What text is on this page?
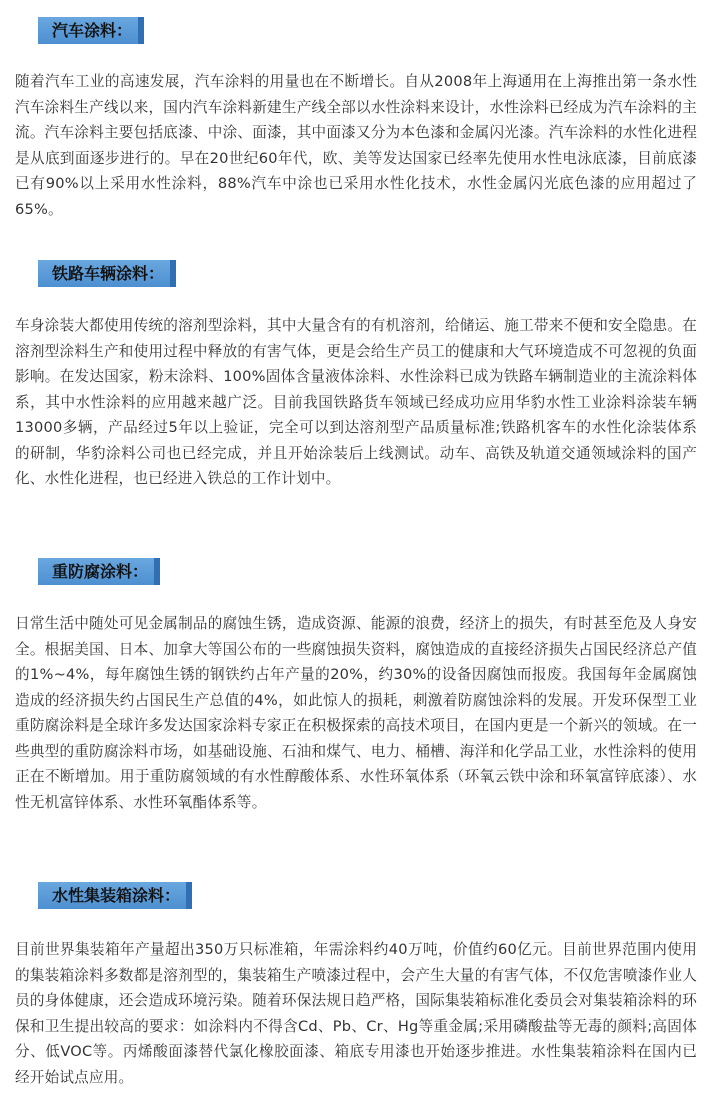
汽车涂料：

随着汽车工业的高速发展，汽车涂料的用量也在不断增长。自从2008年上海通用在上海推出第一条水性汽车涂料生产线以来，国内汽车涂料新建生产线全部以水性涂料来设计，水性涂料已经成为汽车涂料的主流。汽车涂料主要包括底漆、中涂、面漆，其中面漆又分为本色漆和金属闪光漆。汽车涂料的水性化进程是从底到面逐步进行的。早在20世纪60年代，欧、美等发达国家已经率先使用水性电泳底漆，目前底漆已有90%以上采用水性涂料，88%汽车中涂也已采用水性化技术，水性金属闪光底色漆的应用超过了65%。

铁路车辆涂料：

车身涂装大都使用传统的溶剂型涂料，其中大量含有的有机溶剂，给储运、施工带来不便和安全隐患。在溶剂型涂料生产和使用过程中释放的有害气体，更是会给生产员工的健康和大气环境造成不可忽视的负面影响。在发达国家，粉末涂料、100%固体含量液体涂料、水性涂料已成为铁路车辆制造业的主流涂料体系，其中水性涂料的应用越来越广泛。目前我国铁路货车领域已经成功应用华豹水性工业涂料涂装车辆13000多辆，产品经过5年以上验证，完全可以到达溶剂型产品质量标准;铁路机客车的水性化涂装体系的研制，华豹涂料公司也已经完成，并且开始涂装后上线测试。动车、高铁及轨道交通领域涂料的国产化、水性化进程，也已经进入铁总的工作计划中。

重防腐涂料：

日常生活中随处可见金属制品的腐蚀生锈，造成资源、能源的浪费，经济上的损失，有时甚至危及人身安全。根据美国、日本、加拿大等国公布的一些腐蚀损失资料，腐蚀造成的直接经济损失占国民经济总产值的1%~4%，每年腐蚀生锈的钢铁约占年产量的20%，约30%的设备因腐蚀而报废。我国每年金属腐蚀造成的经济损失约占国民生产总值的4%，如此惊人的损耗，刺激着防腐蚀涂料的发展。开发环保型工业重防腐涂料是全球许多发达国家涂料专家正在积极探索的高技术项目，在国内更是一个新兴的领域。在一些典型的重防腐涂料市场，如基础设施、石油和煤气、电力、桶槽、海洋和化学品工业，水性涂料的使用正在不断增加。用于重防腐领域的有水性醇酸体系、水性环氧体系（环氧云铁中涂和环氧富锌底漆）、水性无机富锌体系、水性环氧酯体系等。

水性集装箱涂料：

目前世界集装箱年产量超出350万只标准箱，年需涂料约40万吨，价值约60亿元。目前世界范围内使用的集装箱涂料多数都是溶剂型的，集装箱生产喷漆过程中，会产生大量的有害气体，不仅危害喷漆作业人员的身体健康，还会造成环境污染。随着环保法规日趋严格，国际集装箱标准化委员会对集装箱涂料的环保和卫生提出较高的要求：如涂料内不得含Cd、Pb、Cr、Hg等重金属;采用磷酸盐等无毒的颜料;高固体分、低VOC等。丙烯酸面漆替代氯化橡胶面漆、箱底专用漆也开始逐步推进。水性集装箱涂料在国内已经开始试点应用。
